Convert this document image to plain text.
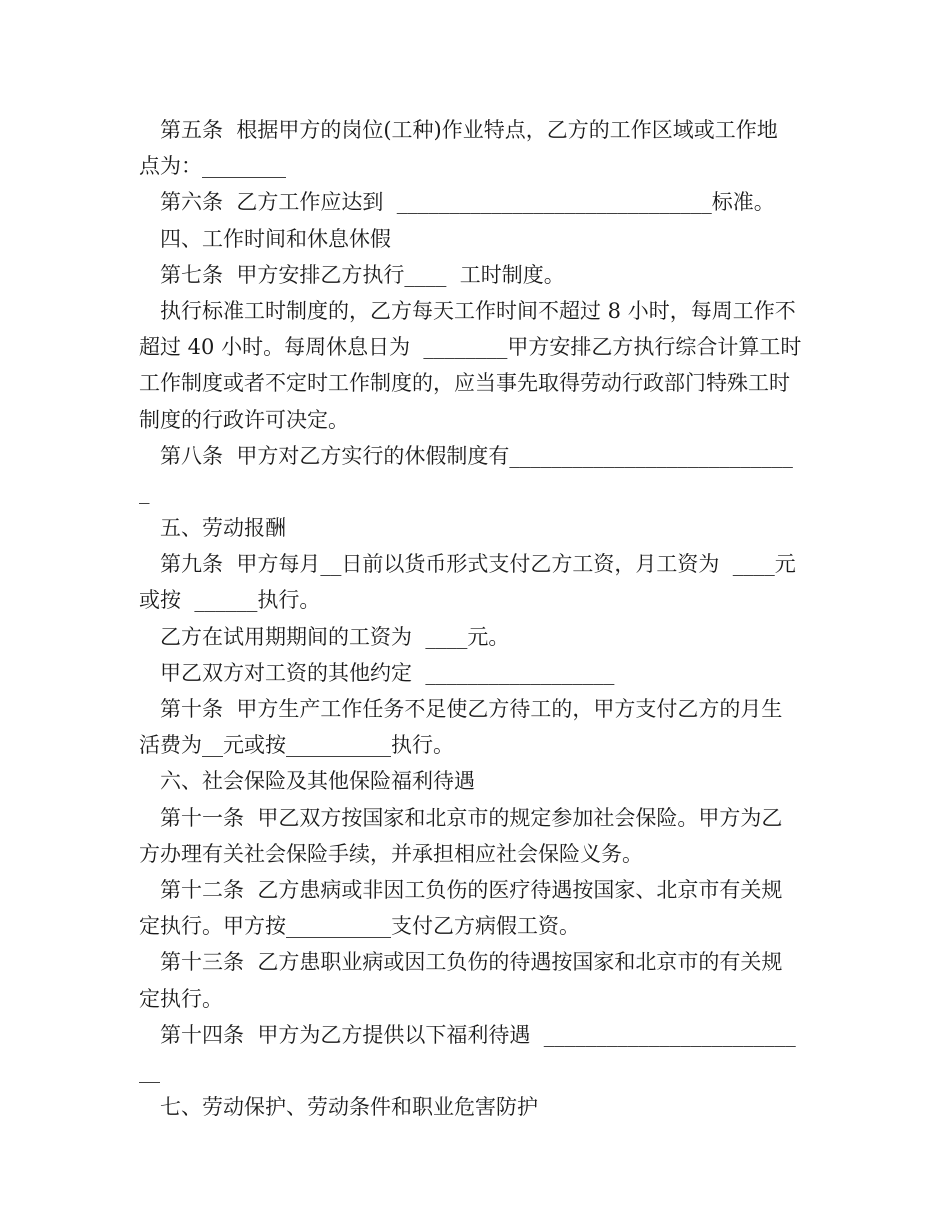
第五条  根据甲方的岗位(工种)作业特点，乙方的工作区域或工作地
点为：________
第六条  乙方工作应达到  ______________________________标准。
四、工作时间和休息休假
第七条  甲方安排乙方执行____  工时制度。
执行标准工时制度的，乙方每天工作时间不超过 8 小时，每周工作不
超过 40 小时。每周休息日为  ________甲方安排乙方执行综合计算工时
工作制度或者不定时工作制度的，应当事先取得劳动行政部门特殊工时
制度的行政许可决定。
第八条  甲方对乙方实行的休假制度有___________________________
_
五、劳动报酬
第九条  甲方每月__日前以货币形式支付乙方工资，月工资为  ____元
或按  ______执行。
乙方在试用期期间的工资为  ____元。
甲乙双方对工资的其他约定  __________________
第十条  甲方生产工作任务不足使乙方待工的，甲方支付乙方的月生
活费为__元或按__________执行。
六、社会保险及其他保险福利待遇
第十一条  甲乙双方按国家和北京市的规定参加社会保险。甲方为乙
方办理有关社会保险手续，并承担相应社会保险义务。
第十二条  乙方患病或非因工负伤的医疗待遇按国家、北京市有关规
定执行。甲方按__________支付乙方病假工资。
第十三条  乙方患职业病或因工负伤的待遇按国家和北京市的有关规
定执行。
第十四条  甲方为乙方提供以下福利待遇  ________________________
__
七、劳动保护、劳动条件和职业危害防护
